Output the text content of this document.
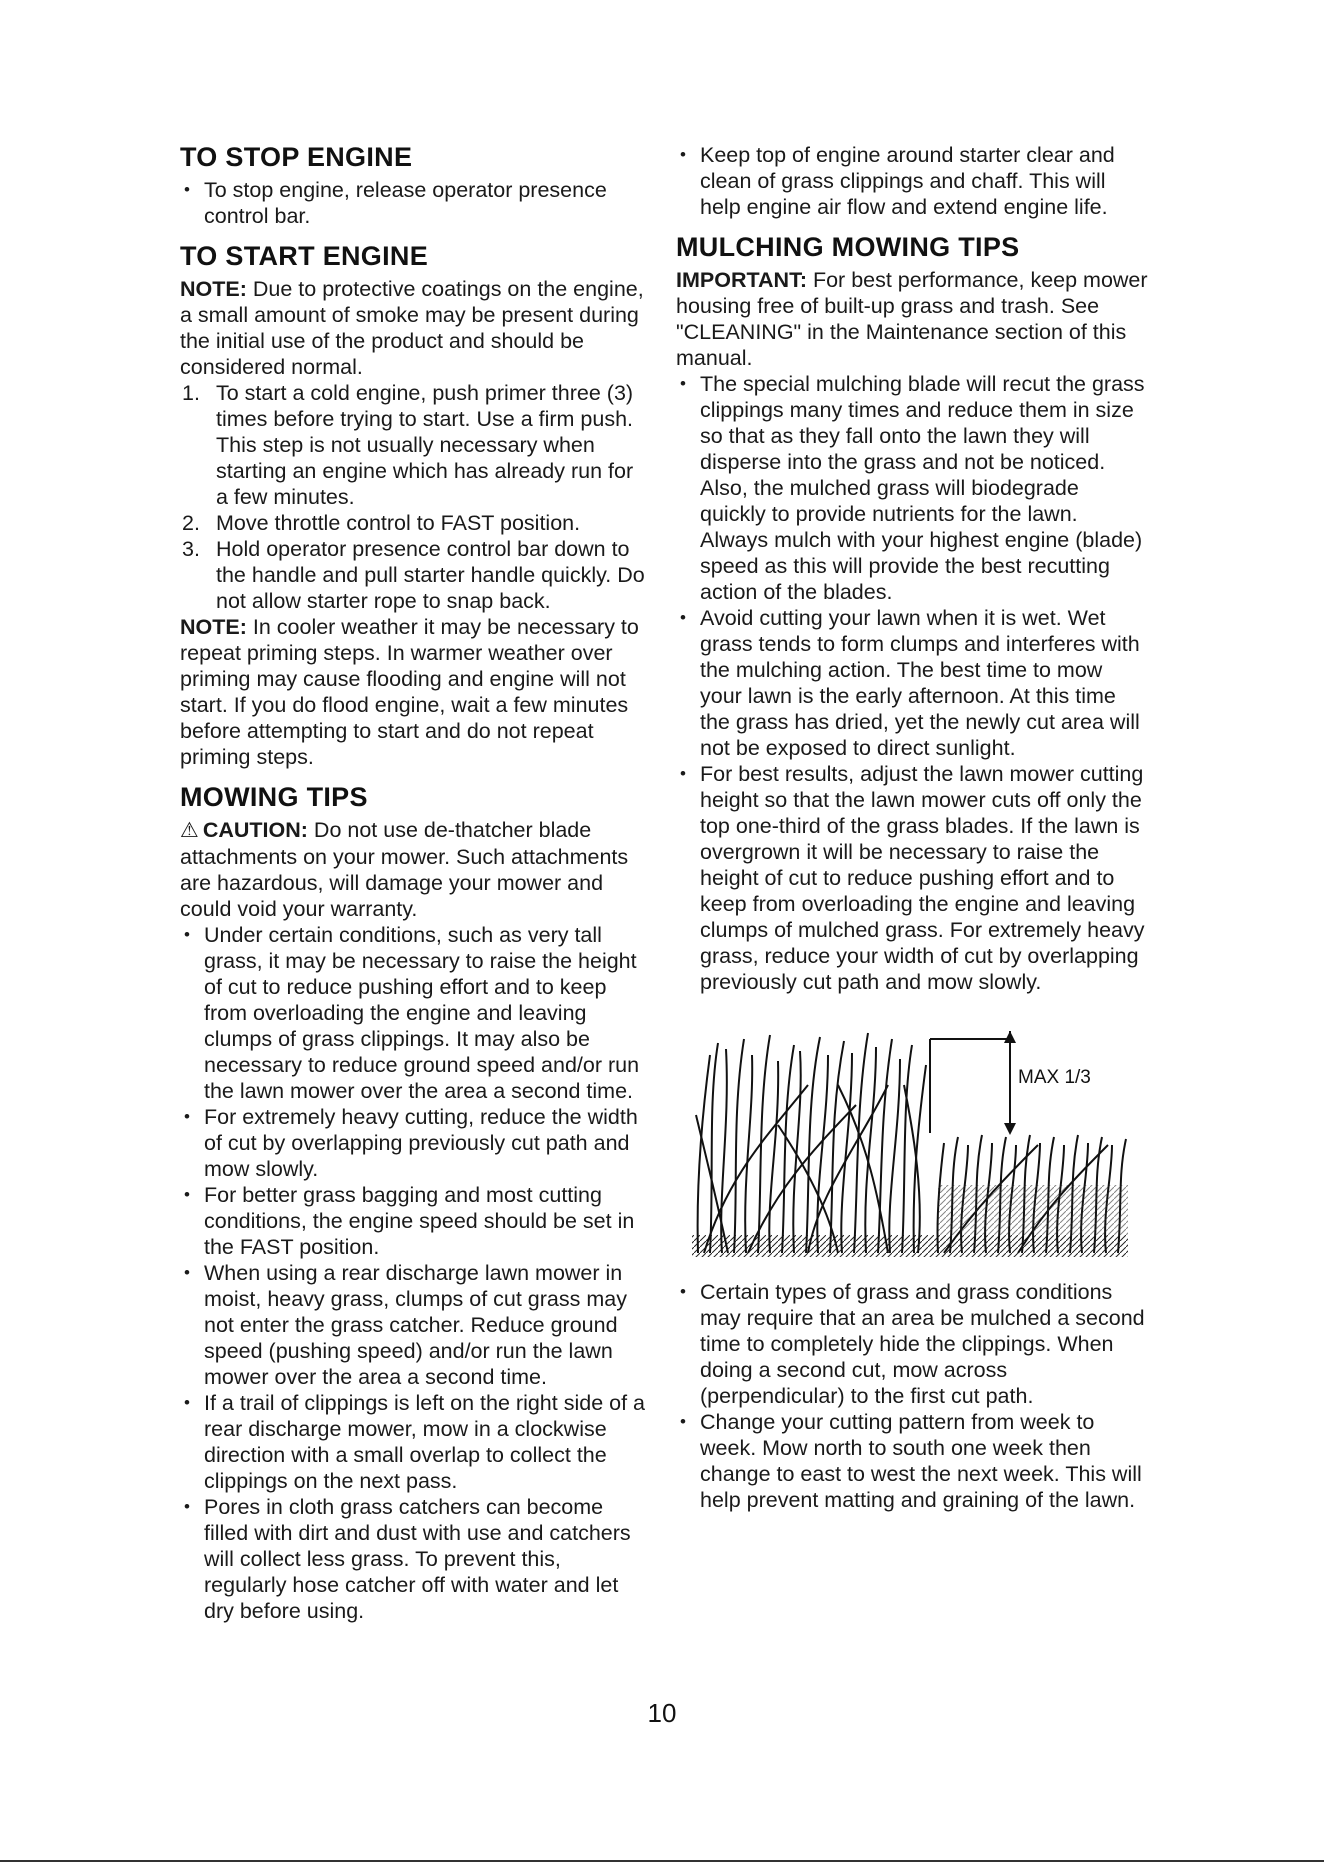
TO STOP ENGINE
• To stop engine, release operator presence control bar.
TO START ENGINE

NOTE: Due to protective coatings on the engine, a small amount of smoke may be present during the initial use of the product and should be considered normal.

1. To start a cold engine, push primer three (3) times before trying to start. Use a firm push. This step is not usually necessary when starting an engine which has already run for a few minutes.
2. Move throttle control to FAST position.
3. Hold operator presence control bar down to the handle and pull starter handle quickly. Do not allow starter rope to snap back.

NOTE: In cooler weather it may be necessary to repeat priming steps. In warmer weather over priming may cause flooding and engine will not start. If you do flood engine, wait a few minutes before attempting to start and do not repeat priming steps.

MOWING TIPS

⚠ CAUTION: Do not use de-thatcher blade attachments on your mower. Such attachments are hazardous, will damage your mower and could void your warranty.

• Under certain conditions, such as very tall grass, it may be necessary to raise the height of cut to reduce pushing effort and to keep from overloading the engine and leaving clumps of grass clippings. It may also be necessary to reduce ground speed and/or run the lawn mower over the area a second time.
• For extremely heavy cutting, reduce the width of cut by overlapping previously cut path and mow slowly.
• For better grass bagging and most cutting conditions, the engine speed should be set in the FAST position.
• When using a rear discharge lawn mower in moist, heavy grass, clumps of cut grass may not enter the grass catcher. Reduce ground speed (pushing speed) and/or run the lawn mower over the area a second time.
• If a trail of clippings is left on the right side of a rear discharge mower, mow in a clockwise direction with a small overlap to collect the clippings on the next pass.
• Pores in cloth grass catchers can become filled with dirt and dust with use and catchers will collect less grass. To prevent this, regularly hose catcher off with water and let dry before using.
• Keep top of engine around starter clear and clean of grass clippings and chaff. This will help engine air flow and extend engine life.
MULCHING MOWING TIPS

IMPORTANT: For best performance, keep mower housing free of built-up grass and trash. See "CLEANING" in the Maintenance section of this manual.

• The special mulching blade will recut the grass clippings many times and reduce them in size so that as they fall onto the lawn they will disperse into the grass and not be noticed. Also, the mulched grass will biodegrade quickly to provide nutrients for the lawn. Always mulch with your highest engine (blade) speed as this will provide the best recutting action of the blades.
• Avoid cutting your lawn when it is wet. Wet grass tends to form clumps and interferes with the mulching action. The best time to mow your lawn is the early afternoon. At this time the grass has dried, yet the newly cut area will not be exposed to direct sunlight.
• For best results, adjust the lawn mower cutting height so that the lawn mower cuts off only the top one-third of the grass blades. If the lawn is overgrown it will be necessary to raise the height of cut to reduce pushing effort and to keep from overloading the engine and leaving clumps of mulched grass. For extremely heavy grass, reduce your width of cut by overlapping previously cut path and mow slowly.
MAX 1/3
• Certain types of grass and grass conditions may require that an area be mulched a second time to completely hide the clippings. When doing a second cut, mow across (perpendicular) to the first cut path.
• Change your cutting pattern from week to week. Mow north to south one week then change to east to west the next week. This will help prevent matting and graining of the lawn.
10
